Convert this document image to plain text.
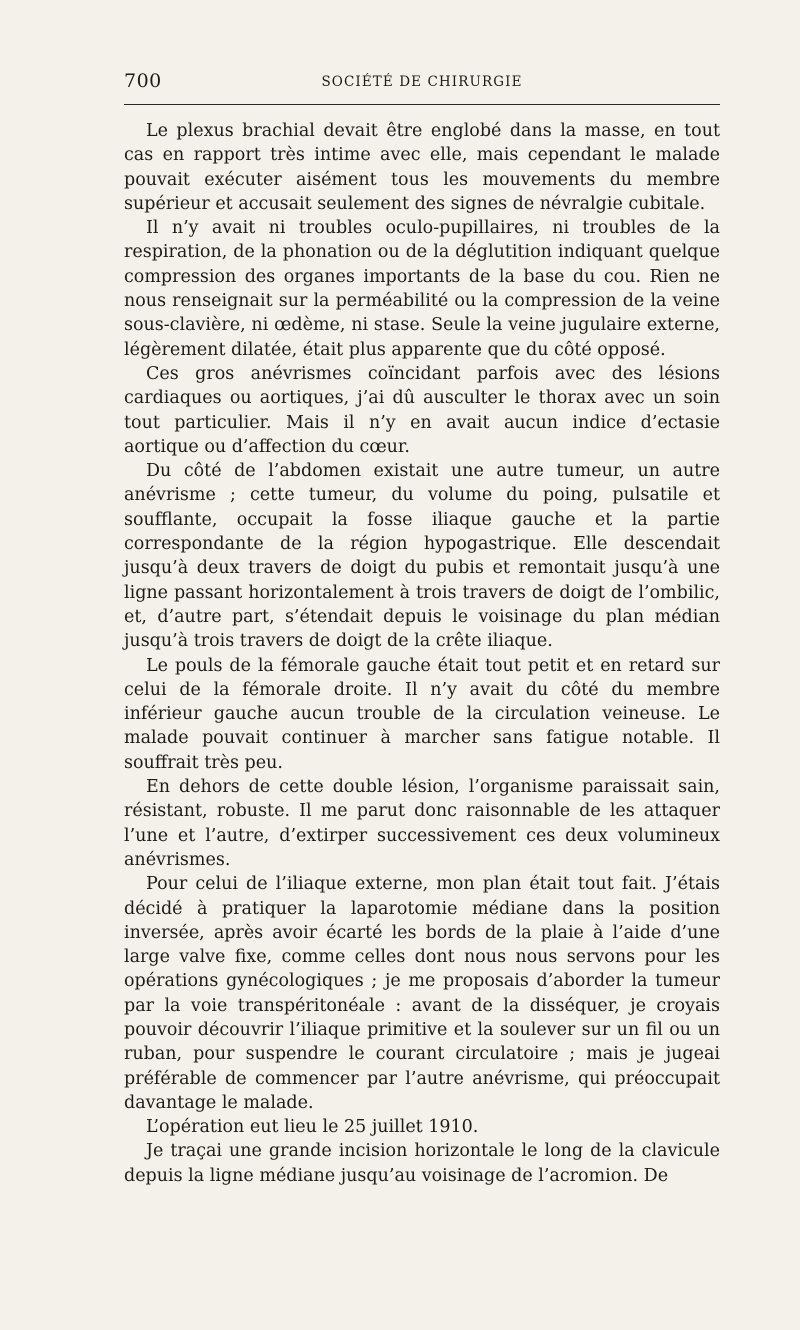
700	SOCIÉTÉ DE CHIRURGIE

Le plexus brachial devait être englobé dans la masse, en tout cas en rapport très intime avec elle, mais cependant le malade pouvait exécuter aisément tous les mouvements du membre supérieur et accusait seulement des signes de névralgie cubitale.

Il n’y avait ni troubles oculo-pupillaires, ni troubles de la respiration, de la phonation ou de la déglutition indiquant quelque compression des organes importants de la base du cou. Rien ne nous renseignait sur la perméabilité ou la compression de la veine sous-clavière, ni œdème, ni stase. Seule la veine jugulaire externe, légèrement dilatée, était plus apparente que du côté opposé.

Ces gros anévrismes coïncidant parfois avec des lésions cardiaques ou aortiques, j’ai dû ausculter le thorax avec un soin tout particulier. Mais il n’y en avait aucun indice d’ectasie aortique ou d’affection du cœur.

Du côté de l’abdomen existait une autre tumeur, un autre anévrisme ; cette tumeur, du volume du poing, pulsatile et soufflante, occupait la fosse iliaque gauche et la partie correspondante de la région hypogastrique. Elle descendait jusqu’à deux travers de doigt du pubis et remontait jusqu’à une ligne passant horizontalement à trois travers de doigt de l’ombilic, et, d’autre part, s’étendait depuis le voisinage du plan médian jusqu’à trois travers de doigt de la crête iliaque.

Le pouls de la fémorale gauche était tout petit et en retard sur celui de la fémorale droite. Il n’y avait du côté du membre inférieur gauche aucun trouble de la circulation veineuse. Le malade pouvait continuer à marcher sans fatigue notable. Il souffrait très peu.

En dehors de cette double lésion, l’organisme paraissait sain, résistant, robuste. Il me parut donc raisonnable de les attaquer l’une et l’autre, d’extirper successivement ces deux volumineux anévrismes.

Pour celui de l’iliaque externe, mon plan était tout fait. J’étais décidé à pratiquer la laparotomie médiane dans la position inversée, après avoir écarté les bords de la plaie à l’aide d’une large valve fixe, comme celles dont nous nous servons pour les opérations gynécologiques ; je me proposais d’aborder la tumeur par la voie transpéritonéale : avant de la disséquer, je croyais pouvoir découvrir l’iliaque primitive et la soulever sur un fil ou un ruban, pour suspendre le courant circulatoire ; mais je jugeai préférable de commencer par l’autre anévrisme, qui préoccupait davantage le malade.

L’opération eut lieu le 25 juillet 1910.

Je traçai une grande incision horizontale le long de la clavicule depuis la ligne médiane jusqu’au voisinage de l’acromion. De
